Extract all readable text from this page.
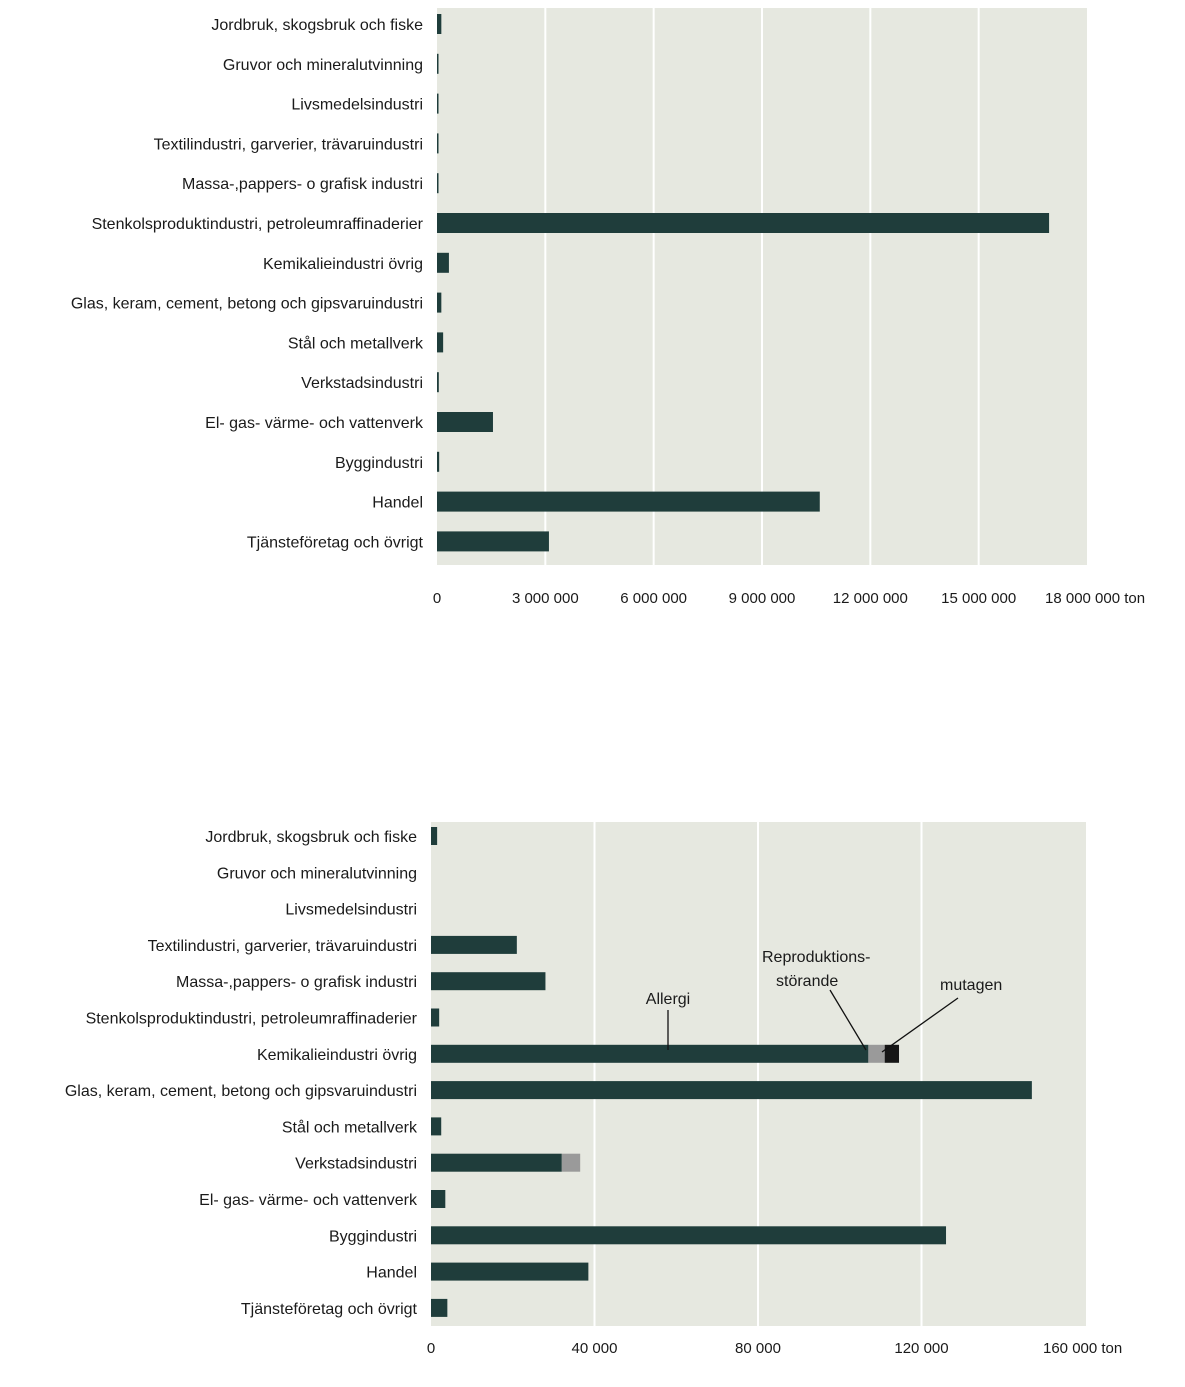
Jordbruk, skogsbruk och fiske
Gruvor och mineralutvinning
Livsmedelsindustri
Textilindustri, garverier, trävaruindustri
Massa-,pappers- o grafisk industri
Stenkolsproduktindustri, petroleumraffinaderier
Kemikalieindustri övrig
Glas, keram, cement, betong och gipsvaruindustri
Stål och metallverk
Verkstadsindustri
El- gas- värme- och vattenverk
Byggindustri
Handel
Tjänsteföretag och övrigt
0	3 000 000	6 000 000	9 000 000 12 000 000 15 000 000 18 000 000 ton
Jordbruk, skogsbruk och fiske
Gruvor och mineralutvinning
Livsmedelsindustri
Textilindustri, garverier, trävaruindustri
Massa-,pappers- o grafisk industri
Stenkolsproduktindustri, petroleumraffinaderier
Kemikalieindustri övrig
Glas, keram, cement, betong och gipsvaruindustri
Stål och metallverk
Verkstadsindustri
El- gas- värme- och vattenverk
Byggindustri
Handel
Tjänsteföretag och övrigt
0	40 000	80 000	120 000	160 000 ton
Allergi
Reproduktions-
störande	mutagen
